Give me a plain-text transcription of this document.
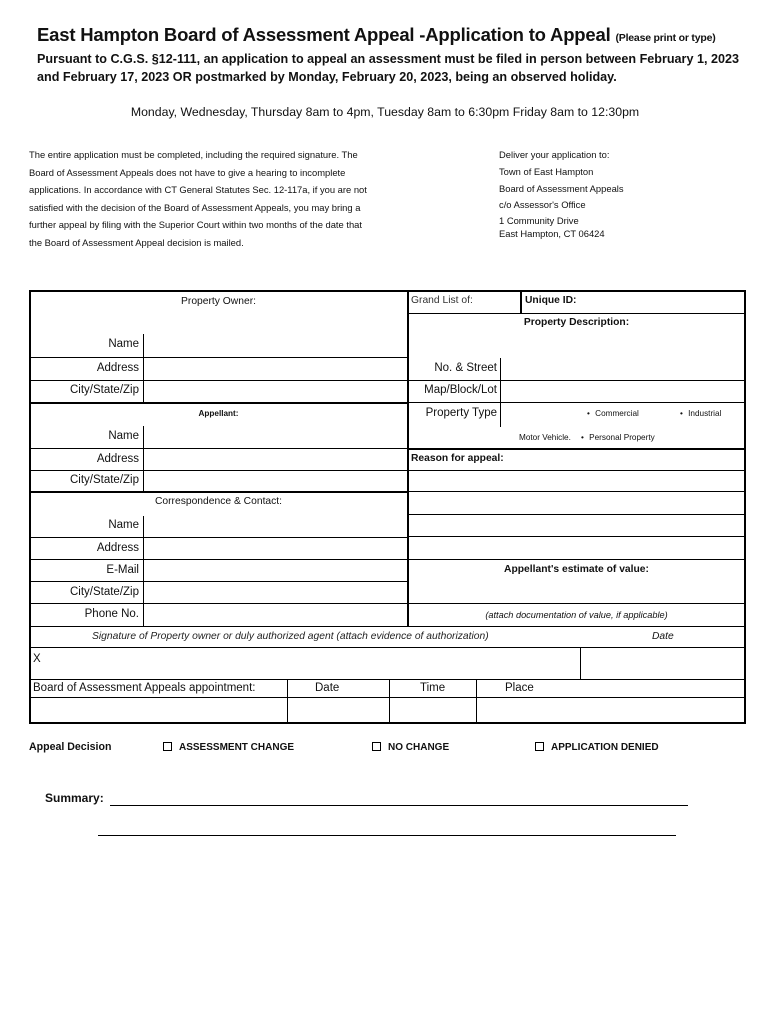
East Hampton Board of Assessment Appeal -Application to Appeal (Please print or type)
Pursuant to C.G.S. §12-111, an application to appeal an assessment must be filed in person between February 1, 2023 and February 17, 2023 OR postmarked by Monday, February 20, 2023, being an observed holiday.
Monday, Wednesday, Thursday 8am to 4pm, Tuesday 8am to 6:30pm Friday 8am to 12:30pm
The entire application must be completed, including the required signature. The Board of Assessment Appeals does not have to give a hearing to incomplete applications. In accordance with CT General Statutes Sec. 12-117a, if you are not satisfied with the decision of the Board of Assessment Appeals, you may bring a further appeal by filing with the Superior Court within two months of the date that the Board of Assessment Appeal decision is mailed.
Deliver your application to:
Town of East Hampton
Board of Assessment Appeals
c/o Assessor's Office
1 Community Drive
East Hampton, CT 06424
Property Owner:
Name
Address
City/State/Zip
Appellant:
Name
Address
City/State/Zip
Correspondence & Contact:
Name
Address
E-Mail
City/State/Zip
Phone No.
Grand List of:	Unique ID:
Property Description:
No. & Street
Map/Block/Lot
Property Type	• Commercial	• Industrial
Motor Vehicle. • Personal Property
Reason for appeal:
Appellant's estimate of value:
(attach documentation of value, if applicable)
Signature of Property owner or duly authorized agent (attach evidence of authorization)	Date
X
Board of Assessment Appeals appointment:	Date	Time	Place
Appeal Decision	ASSESSMENT CHANGE	NO CHANGE	APPLICATION DENIED
Summary:
